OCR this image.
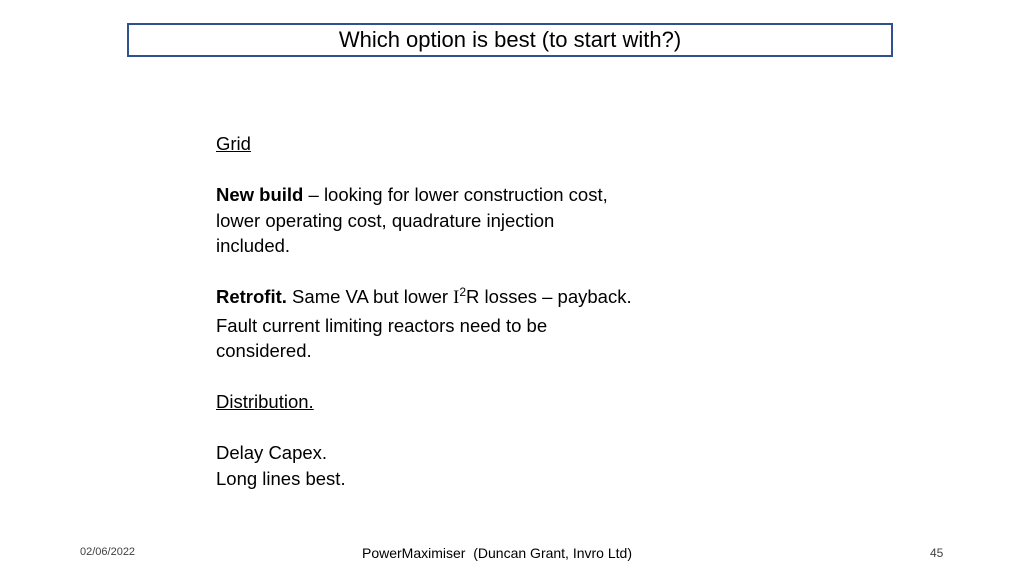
Which option is best (to start with?)

Grid

New build – looking for lower construction cost,

lower operating cost, quadrature injection

included.

Retrofit. Same VA but lower $I^2R$ losses – payback.

Fault current limiting reactors need to be

considered.

Distribution.

Delay Capex.

Long lines best.

02/06/2022	PowerMaximiser  (Duncan Grant, Invro Ltd)	45
